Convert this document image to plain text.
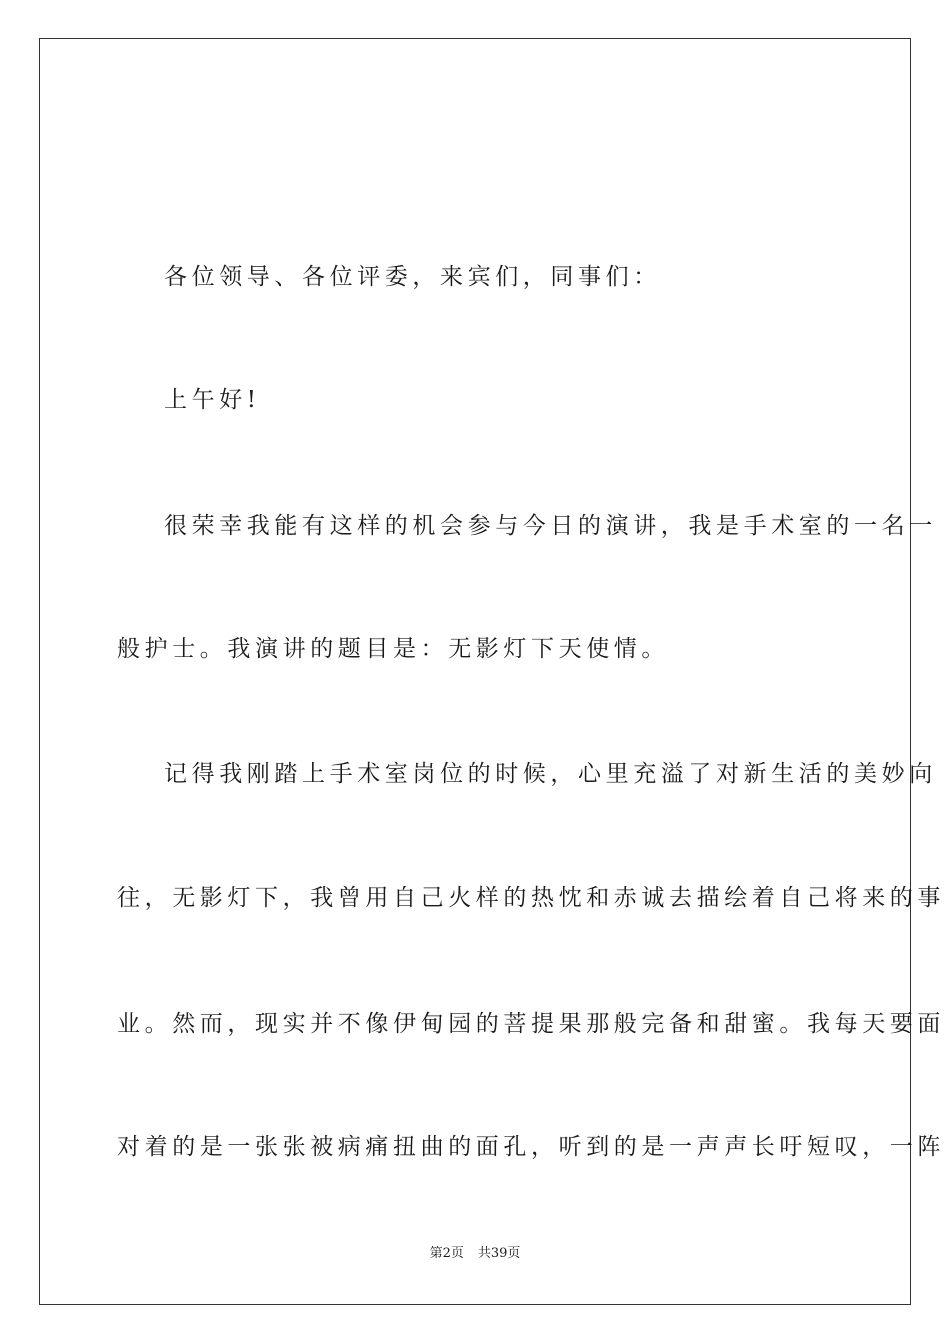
各位领导、各位评委，来宾们，同事们：
上午好!
很荣幸我能有这样的机会参与今日的演讲，我是手术室的一名一
般护士。我演讲的题目是：无影灯下天使情。
记得我刚踏上手术室岗位的时候，心里充溢了对新生活的美妙向
往，无影灯下，我曾用自己火样的热忱和赤诚去描绘着自己将来的事
业。然而，现实并不像伊甸园的菩提果那般完备和甜蜜。我每天要面
对着的是一张张被病痛扭曲的面孔，听到的是一声声长吁短叹，一阵
第2页 共39页
